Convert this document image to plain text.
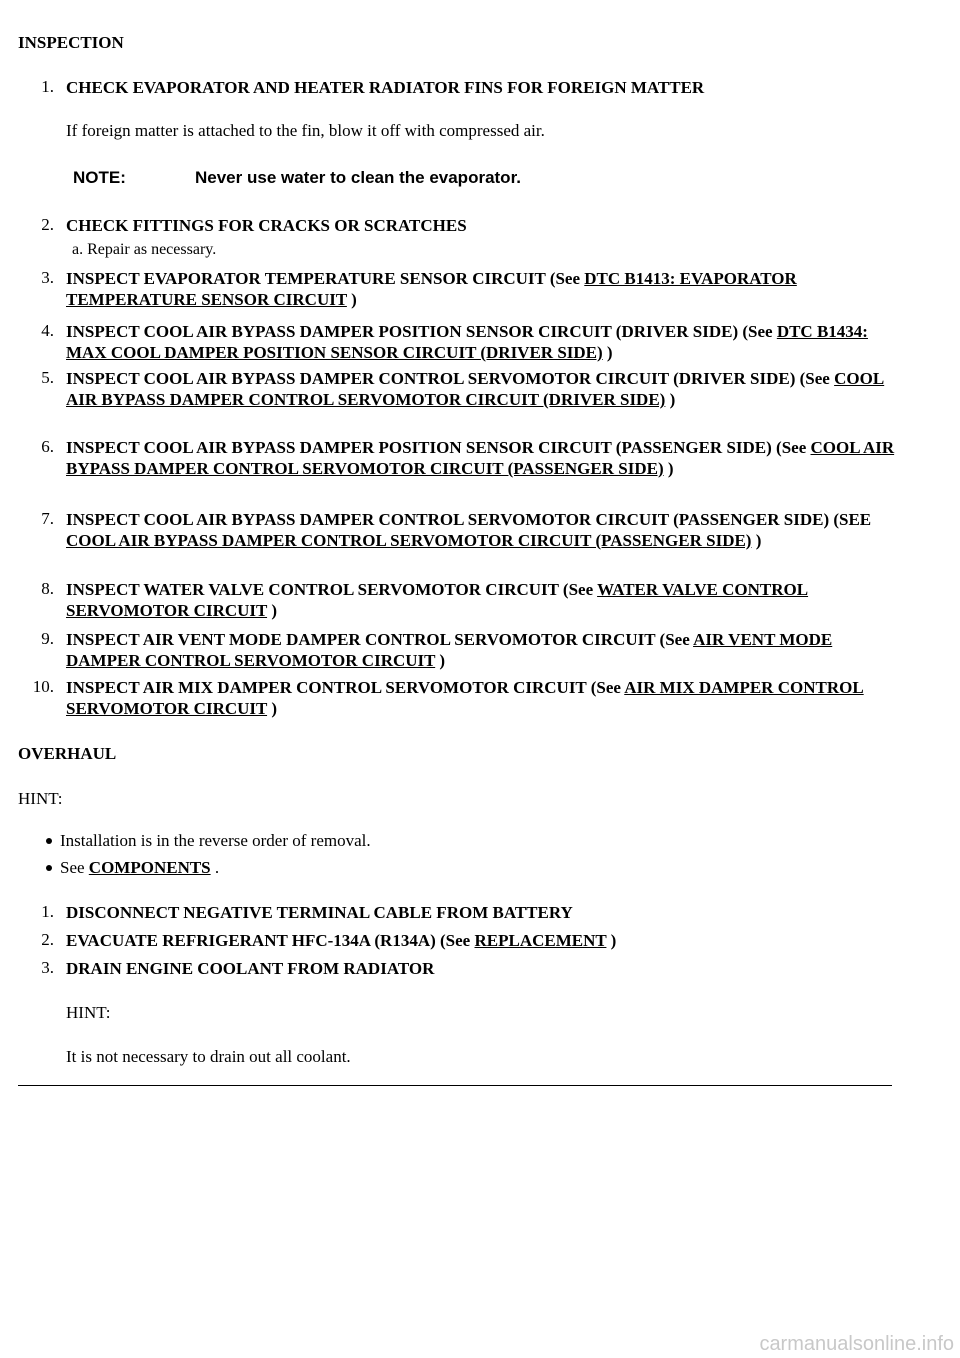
INSPECTION
1. CHECK EVAPORATOR AND HEATER RADIATOR FINS FOR FOREIGN MATTER
If foreign matter is attached to the fin, blow it off with compressed air.
NOTE:	Never use water to clean the evaporator.
2. CHECK FITTINGS FOR CRACKS OR SCRATCHES
a. Repair as necessary.
3. INSPECT EVAPORATOR TEMPERATURE SENSOR CIRCUIT (See DTC B1413: EVAPORATOR TEMPERATURE SENSOR CIRCUIT )
4. INSPECT COOL AIR BYPASS DAMPER POSITION SENSOR CIRCUIT (DRIVER SIDE) (See DTC B1434: MAX COOL DAMPER POSITION SENSOR CIRCUIT (DRIVER SIDE) )
5. INSPECT COOL AIR BYPASS DAMPER CONTROL SERVOMOTOR CIRCUIT (DRIVER SIDE) (See COOL AIR BYPASS DAMPER CONTROL SERVOMOTOR CIRCUIT (DRIVER SIDE) )
6. INSPECT COOL AIR BYPASS DAMPER POSITION SENSOR CIRCUIT (PASSENGER SIDE) (See COOL AIR BYPASS DAMPER CONTROL SERVOMOTOR CIRCUIT (PASSENGER SIDE) )
7. INSPECT COOL AIR BYPASS DAMPER CONTROL SERVOMOTOR CIRCUIT (PASSENGER SIDE) (SEE COOL AIR BYPASS DAMPER CONTROL SERVOMOTOR CIRCUIT (PASSENGER SIDE) )
8. INSPECT WATER VALVE CONTROL SERVOMOTOR CIRCUIT (See WATER VALVE CONTROL SERVOMOTOR CIRCUIT )
9. INSPECT AIR VENT MODE DAMPER CONTROL SERVOMOTOR CIRCUIT (See AIR VENT MODE DAMPER CONTROL SERVOMOTOR CIRCUIT )
10. INSPECT AIR MIX DAMPER CONTROL SERVOMOTOR CIRCUIT (See AIR MIX DAMPER CONTROL SERVOMOTOR CIRCUIT )
OVERHAUL
HINT:
Installation is in the reverse order of removal.
See COMPONENTS .
1. DISCONNECT NEGATIVE TERMINAL CABLE FROM BATTERY
2. EVACUATE REFRIGERANT HFC-134A (R134A) (See REPLACEMENT )
3. DRAIN ENGINE COOLANT FROM RADIATOR
HINT:
It is not necessary to drain out all coolant.
carmanualsonline.info
